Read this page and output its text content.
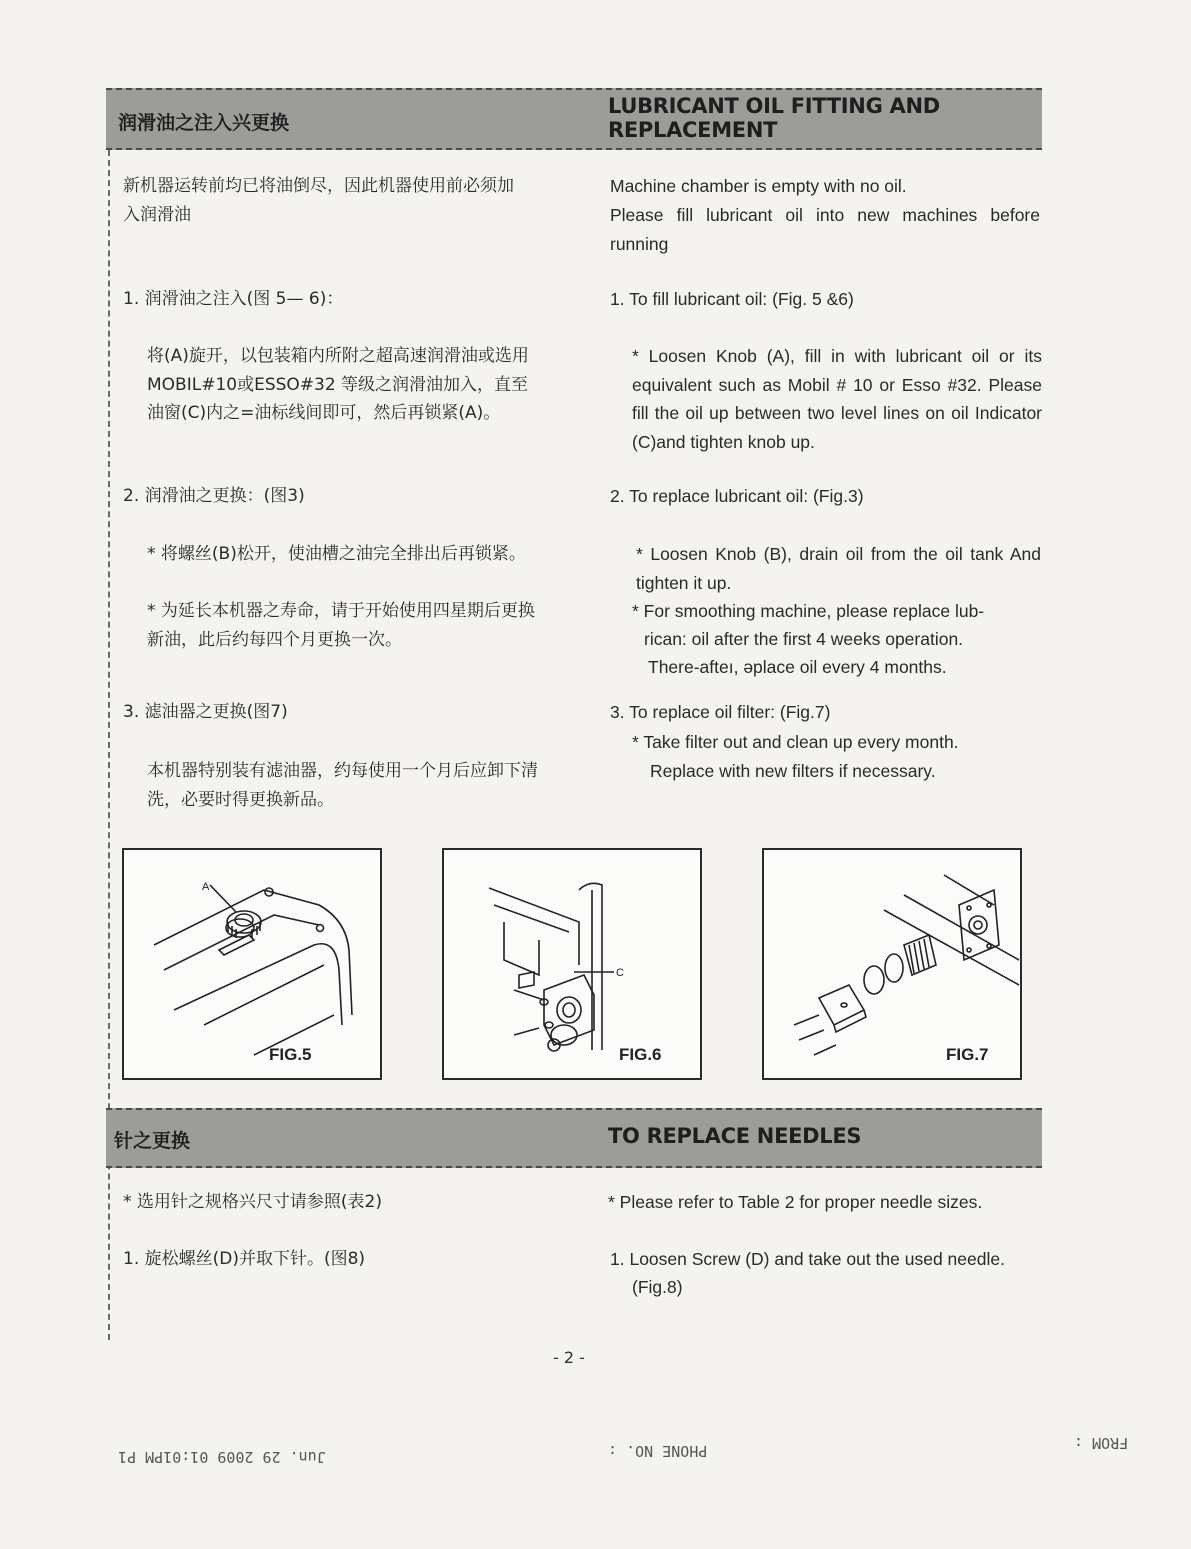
润滑油之注入兴更换
LUBRICANT OIL FITTING AND
REPLACEMENT
新机器运转前均已将油倒尽，因此机器使用前必须加入润滑油
Machine chamber is empty with no oil.
Please fill lubricant oil into new machines before running
1. 润滑油之注入(图 5— 6)：	1. To fill lubricant oil: (Fig. 5 &6)
将(A)旋开，以包装箱内所附之超高速润滑油或选用MOBIL#10或ESSO#32 等级之润滑油加入，直至油窗(C)内之=油标线间即可，然后再锁紧(A)。
* Loosen Knob (A), fill in with lubricant oil or its equivalent such as Mobil # 10 or Esso #32. Please fill the oil up between two level lines on oil Indicator (C)and tighten knob up.
2. 润滑油之更换：(图3)	2. To replace lubricant oil: (Fig.3)
* 将螺丝(B)松开，使油槽之油完全排出后再锁紧。
* 为延长本机器之寿命，请于开始使用四星期后更换新油，此后约每四个月更换一次。
* Loosen Knob (B), drain oil from the oil tank And tighten it up.
* For smoothing machine, please replace lub-
rican: oil after the first 4 weeks operation.
There-afteı, əplace oil every 4 months.
3. 滤油器之更换(图7)	3. To replace oil filter: (Fig.7)
本机器特别装有滤油器，约每使用一个月后应卸下清洗，必要时得更换新品。
* Take filter out and clean up every month.
Replace with new filters if necessary.
A
FIG.5
C
FIG.6	FIG.7
针之更换	TO REPLACE NEEDLES
* 选用针之规格兴尺寸请参照(表2)	* Please refer to Table 2 for proper needle sizes.
1. 旋松螺丝(D)并取下针。(图8)	1. Loosen Screw (D) and take out the used needle.
(Fig.8)
- 2 -
Jun. 29 2009 01:01PM P1	PHONE NO. :	FROM :
